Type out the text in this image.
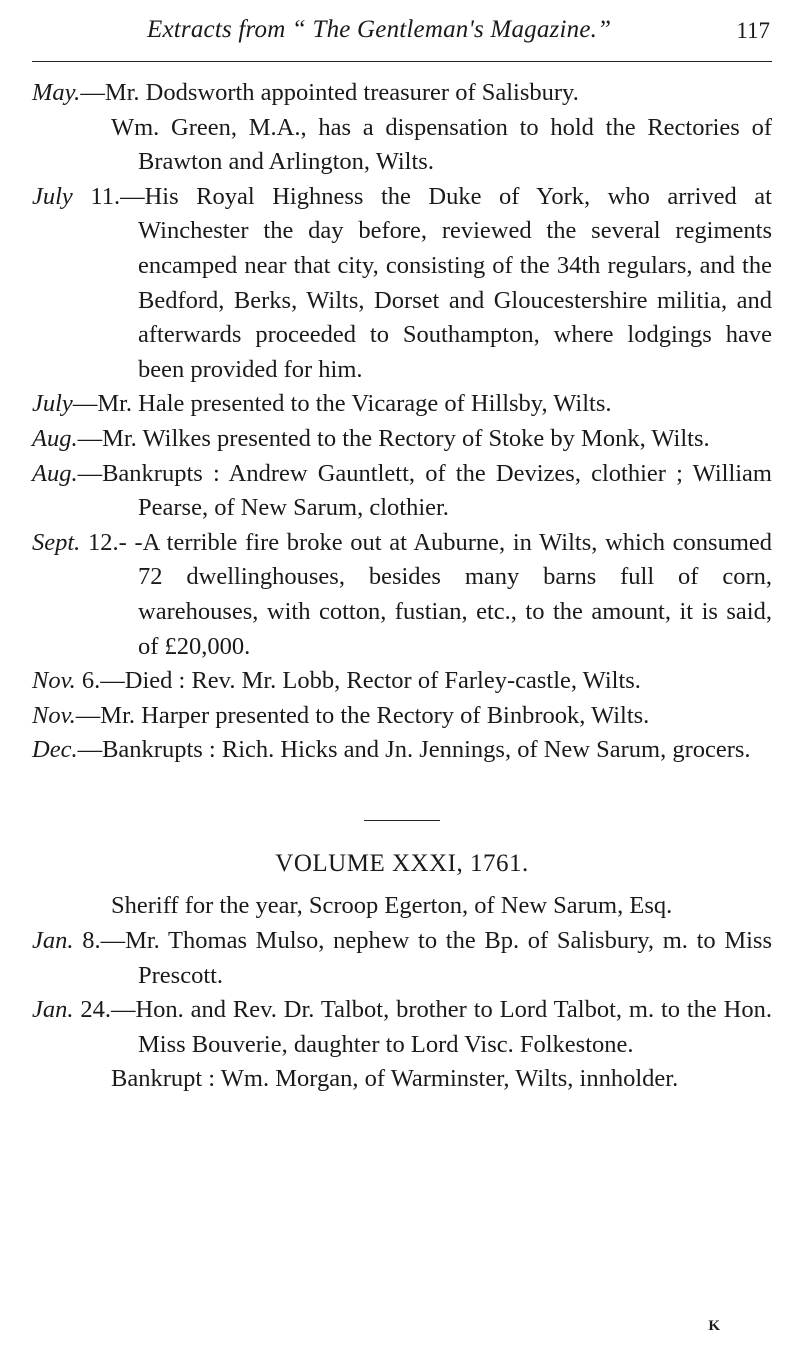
Extracts from “ The Gentleman's Magazine.”	117

May.—Mr. Dodsworth appointed treasurer of Salisbury.

Wm. Green, M.A., has a dispensation to hold the Rectories of Brawton and Arlington, Wilts.

July 11.—His Royal Highness the Duke of York, who arrived at Winchester the day before, reviewed the several regiments encamped near that city, consisting of the 34th regulars, and the Bedford, Berks, Wilts, Dorset and Gloucestershire militia, and afterwards proceeded to Southampton, where lodgings have been provided for him.

July—Mr. Hale presented to the Vicarage of Hillsby, Wilts.

Aug.—Mr. Wilkes presented to the Rectory of Stoke by Monk, Wilts.

Aug.—Bankrupts : Andrew Gauntlett, of the Devizes, clothier ; William Pearse, of New Sarum, clothier.

Sept. 12.- -A terrible fire broke out at Auburne, in Wilts, which consumed 72 dwellinghouses, besides many barns full of corn, warehouses, with cotton, fustian, etc., to the amount, it is said, of £20,000.

Nov. 6.—Died : Rev. Mr. Lobb, Rector of Farley-castle, Wilts.

Nov.—Mr. Harper presented to the Rectory of Binbrook, Wilts.

Dec.—Bankrupts : Rich. Hicks and Jn. Jennings, of New Sarum, grocers.

VOLUME XXXI, 1761.

Sheriff for the year, Scroop Egerton, of New Sarum, Esq.

Jan. 8.—Mr. Thomas Mulso, nephew to the Bp. of Salisbury, m. to Miss Prescott.

Jan. 24.—Hon. and Rev. Dr. Talbot, brother to Lord Talbot, m. to the Hon. Miss Bouverie, daughter to Lord Visc. Folkestone.

Bankrupt : Wm. Morgan, of Warminster, Wilts, innholder.

K
